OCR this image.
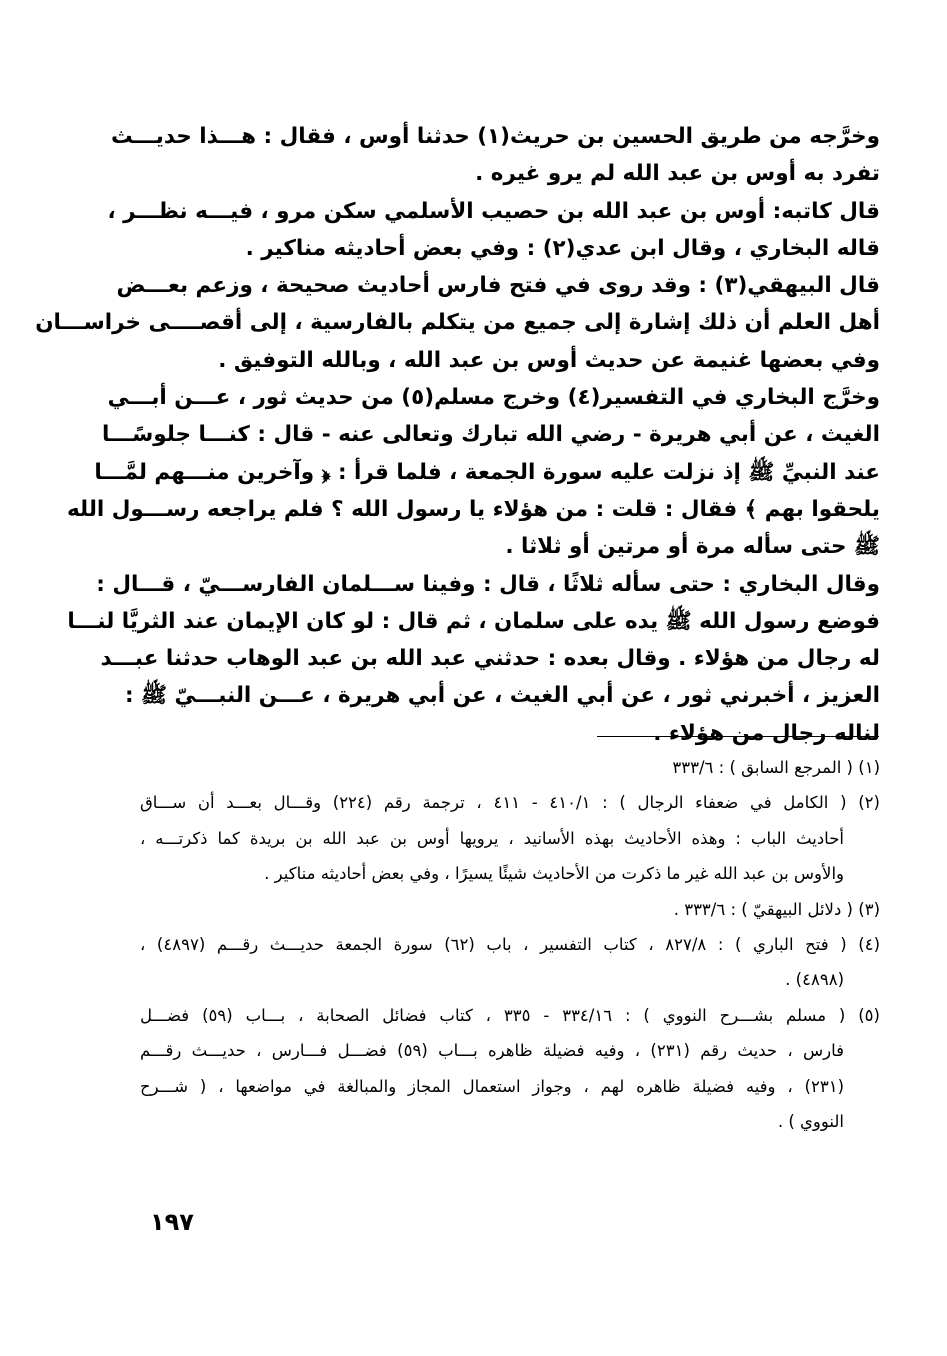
وخرَّجه من طريق الحسين بن حريث(١) حدثنا أوس ، فقال : هـــذا حديـــث
تفرد به أوس بن عبد الله لم يرو غيره .
قال كاتبه: أوس بن عبد الله بن حصيب الأسلمي سكن مرو ، فيـــه نظـــر ،
قاله البخاري ، وقال ابن عدي(٢) : وفي بعض أحاديثه مناكير .
قال البيهقي(٣) : وقد روى في فتح فارس أحاديث صحيحة ، وزعم بعـــض
أهل العلم أن ذلك إشارة إلى جميع من يتكلم بالفارسية ، إلى أقصــــى خراســـان
وفي بعضها غنيمة عن حديث أوس بن عبد الله ، وبالله التوفيق .
وخرَّج البخاري في التفسير(٤) وخرج مسلم(٥) من حديث ثور ، عـــن أبـــي
الغيث ، عن أبي هريرة - رضي الله تبارك وتعالى عنه - قال : كنـــا جلوسًـــا
عند النبيِّ ﷺ إذ نزلت عليه سورة الجمعة ، فلما قرأ : ﴿ وآخرين منـــهم لمَّـــا
يلحقوا بهم ﴾ فقال : قلت : من هؤلاء يا رسول الله ؟ فلم يراجعه رســـول الله
ﷺ حتى سأله مرة أو مرتين أو ثلاثا .
وقال البخاري : حتى سأله ثلاثًا ، قال : وفينا ســـلمان الفارســـيّ ، قـــال :
فوضع رسول الله ﷺ يده على سلمان ، ثم قال : لو كان الإيمان عند الثريَّا لنـــا
له رجال من هؤلاء . وقال بعده : حدثني عبد الله بن عبد الوهاب حدثنا عبـــد
العزيز ، أخبرني ثور ، عن أبي الغيث ، عن أبي هريرة ، عـــن النبـــيّ ﷺ :
لناله رجال من هؤلاء .
(١) ( المرجع السابق ) : ٣٣٣/٦
(٢) ( الكامل في ضعفاء الرجال ) : ٤١٠/١ - ٤١١ ، ترجمة رقم (٢٢٤) وقـــال بعـــد أن ســـاق
أحاديث الباب : وهذه الأحاديث بهذه الأسانيد ، يرويها أوس بن عبد الله بن بريدة كما ذكرتـــه ،
والأوس بن عبد الله غير ما ذكرت من الأحاديث شيئًا يسيرًا ، وفي بعض أحاديثه مناكير .
(٣) ( دلائل البيهقيّ ) : ٣٣٣/٦ .
(٤) ( فتح الباري ) : ٨٢٧/٨ ، كتاب التفسير ، باب (٦٢) سورة الجمعة حديـــث رقـــم (٤٨٩٧) ،
(٤٨٩٨) .
(٥) ( مسلم بشـــرح النووي ) : ٣٣٤/١٦ - ٣٣٥ ، كتاب فضائل الصحابة ، بـــاب (٥٩) فضـــل
فارس ، حديث رقم (٢٣١) ، وفيه فضيلة ظاهره بـــاب (٥٩) فضـــل فـــارس ، حديـــث رقـــم
(٢٣١) ، وفيه فضيلة ظاهره لهم ، وجواز استعمال المجاز والمبالغة في مواضعها ، ( شـــرح
النووي ) .
١٩٧
